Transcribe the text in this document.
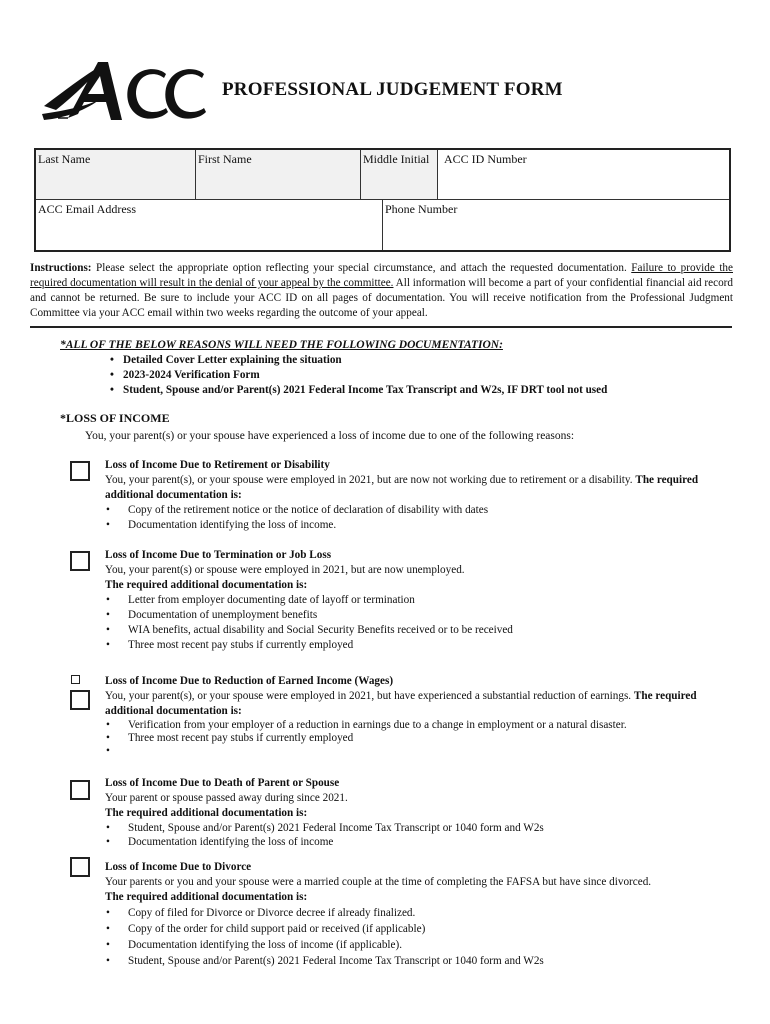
ACC
PROFESSIONAL JUDGEMENT FORM
Last Name	First Name	Middle Initial	ACC ID Number
ACC Email Address	Phone Number
Instructions: Please select the appropriate option reflecting your special circumstance, and attach the requested documentation. Failure to provide the required documentation will result in the denial of your appeal by the committee. All information will become a part of your confidential financial aid record and cannot be returned. Be sure to include your ACC ID on all pages of documentation. You will receive notification from the Professional Judgment Committee via your ACC email within two weeks regarding the outcome of your appeal.
*ALL OF THE BELOW REASONS WILL NEED THE FOLLOWING DOCUMENTATION:
• Detailed Cover Letter explaining the situation
• 2023-2024 Verification Form
• Student, Spouse and/or Parent(s) 2021 Federal Income Tax Transcript and W2s, IF DRT tool not used
*LOSS OF INCOME
You, your parent(s) or your spouse have experienced a loss of income due to one of the following reasons:
Loss of Income Due to Retirement or Disability
You, your parent(s), or your spouse were employed in 2021, but are now not working due to retirement or a disability. The required additional documentation is:
• Copy of the retirement notice or the notice of declaration of disability with dates
• Documentation identifying the loss of income.
Loss of Income Due to Termination or Job Loss
You, your parent(s) or spouse were employed in 2021, but are now unemployed.
The required additional documentation is:
• Letter from employer documenting date of layoff or termination
• Documentation of unemployment benefits
• WIA benefits, actual disability and Social Security Benefits received or to be received
• Three most recent pay stubs if currently employed
Loss of Income Due to Reduction of Earned Income (Wages)
You, your parent(s), or your spouse were employed in 2021, but have experienced a substantial reduction of earnings. The required additional documentation is:
• Verification from your employer of a reduction in earnings due to a change in employment or a natural disaster.
• Three most recent pay stubs if currently employed
•
Loss of Income Due to Death of Parent or Spouse
Your parent or spouse passed away during since 2021.
The required additional documentation is:
• Student, Spouse and/or Parent(s) 2021 Federal Income Tax Transcript or 1040 form and W2s
• Documentation identifying the loss of income
Loss of Income Due to Divorce
Your parents or you and your spouse were a married couple at the time of completing the FAFSA but have since divorced.
The required additional documentation is:
• Copy of filed for Divorce or Divorce decree if already finalized.
• Copy of the order for child support paid or received (if applicable)
• Documentation identifying the loss of income (if applicable).
• Student, Spouse and/or Parent(s) 2021 Federal Income Tax Transcript or 1040 form and W2s
